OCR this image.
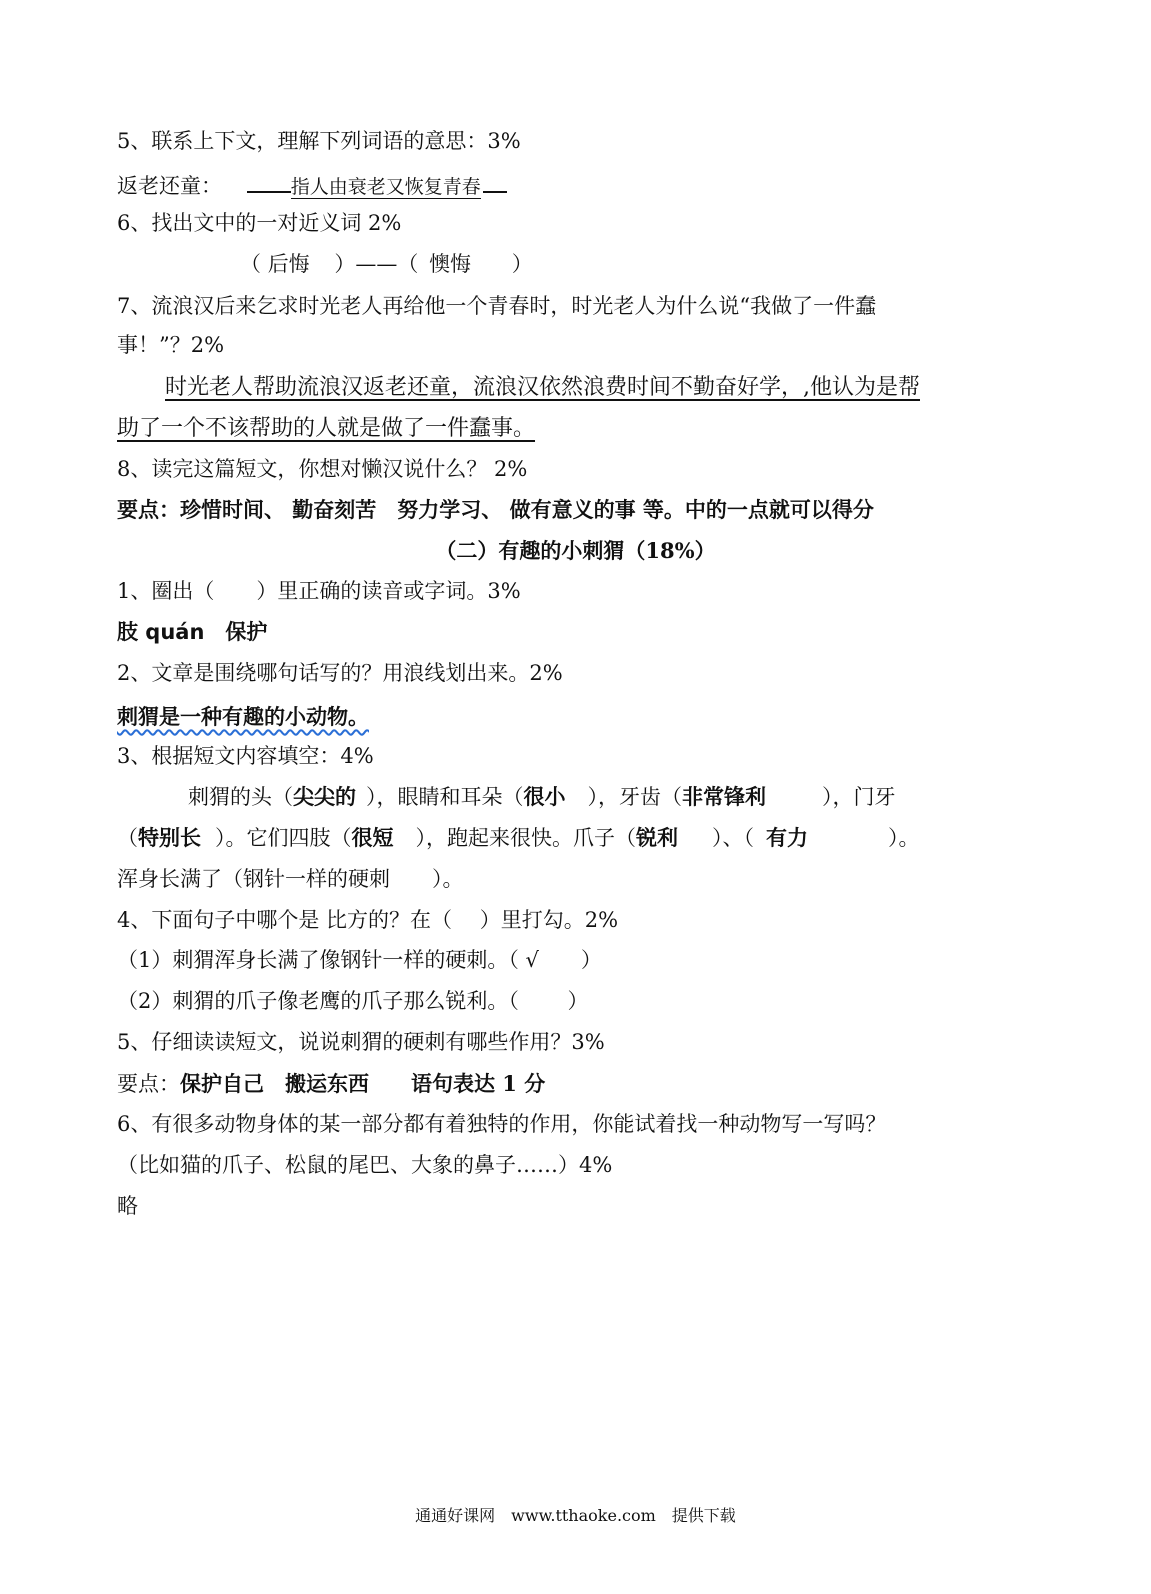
5、联系上下文，理解下列词语的意思：3%
返老还童：	指人由衰老又恢复青春
6、找出文中的一对近义词 2%
（ 后悔 ）——（ 懊悔 ）
7、流浪汉后来乞求时光老人再给他一个青春时，时光老人为什么说“我做了一件蠢
事！”？2%
时光老人帮助流浪汉返老还童，流浪汉依然浪费时间不勤奋好学，,他认为是帮
助了一个不该帮助的人就是做了一件蠢事。
8、读完这篇短文，你想对懒汉说什么？ 2%
要点：珍惜时间、 勤奋刻苦　努力学习、 做有意义的事 等。中的一点就可以得分
（二）有趣的小刺猬（18%）
1、圈出（　　）里正确的读音或字词。3%
肢 quán　保护
2、文章是围绕哪句话写的？用浪线划出来。2%
刺猬是一种有趣的小动物。
3、根据短文内容填空：4%
刺猬的头（尖尖的 ），眼睛和耳朵（很小 ），牙齿（非常锋利	），门牙
（特别长 ）。它们四肢（很短 ），跑起来很快。爪子（锐利 ）、（ 有力	）。
浑身长满了（钢针一样的硬刺　　）。
4、下面句子中哪个是 比方的？在（　 ）里打勾。2%
（1）刺猬浑身长满了像钢针一样的硬刺。（ √　　）
（2）刺猬的爪子像老鹰的爪子那么锐利。（　　 ）
5、仔细读读短文，说说刺猬的硬刺有哪些作用？3%
要点：保护自己　搬运东西　　语句表达 1 分
6、有很多动物身体的某一部分都有着独特的作用，你能试着找一种动物写一写吗？
（比如猫的爪子、松鼠的尾巴、大象的鼻子……）4%
略
通通好课网　www.tthaoke.com　提供下载
